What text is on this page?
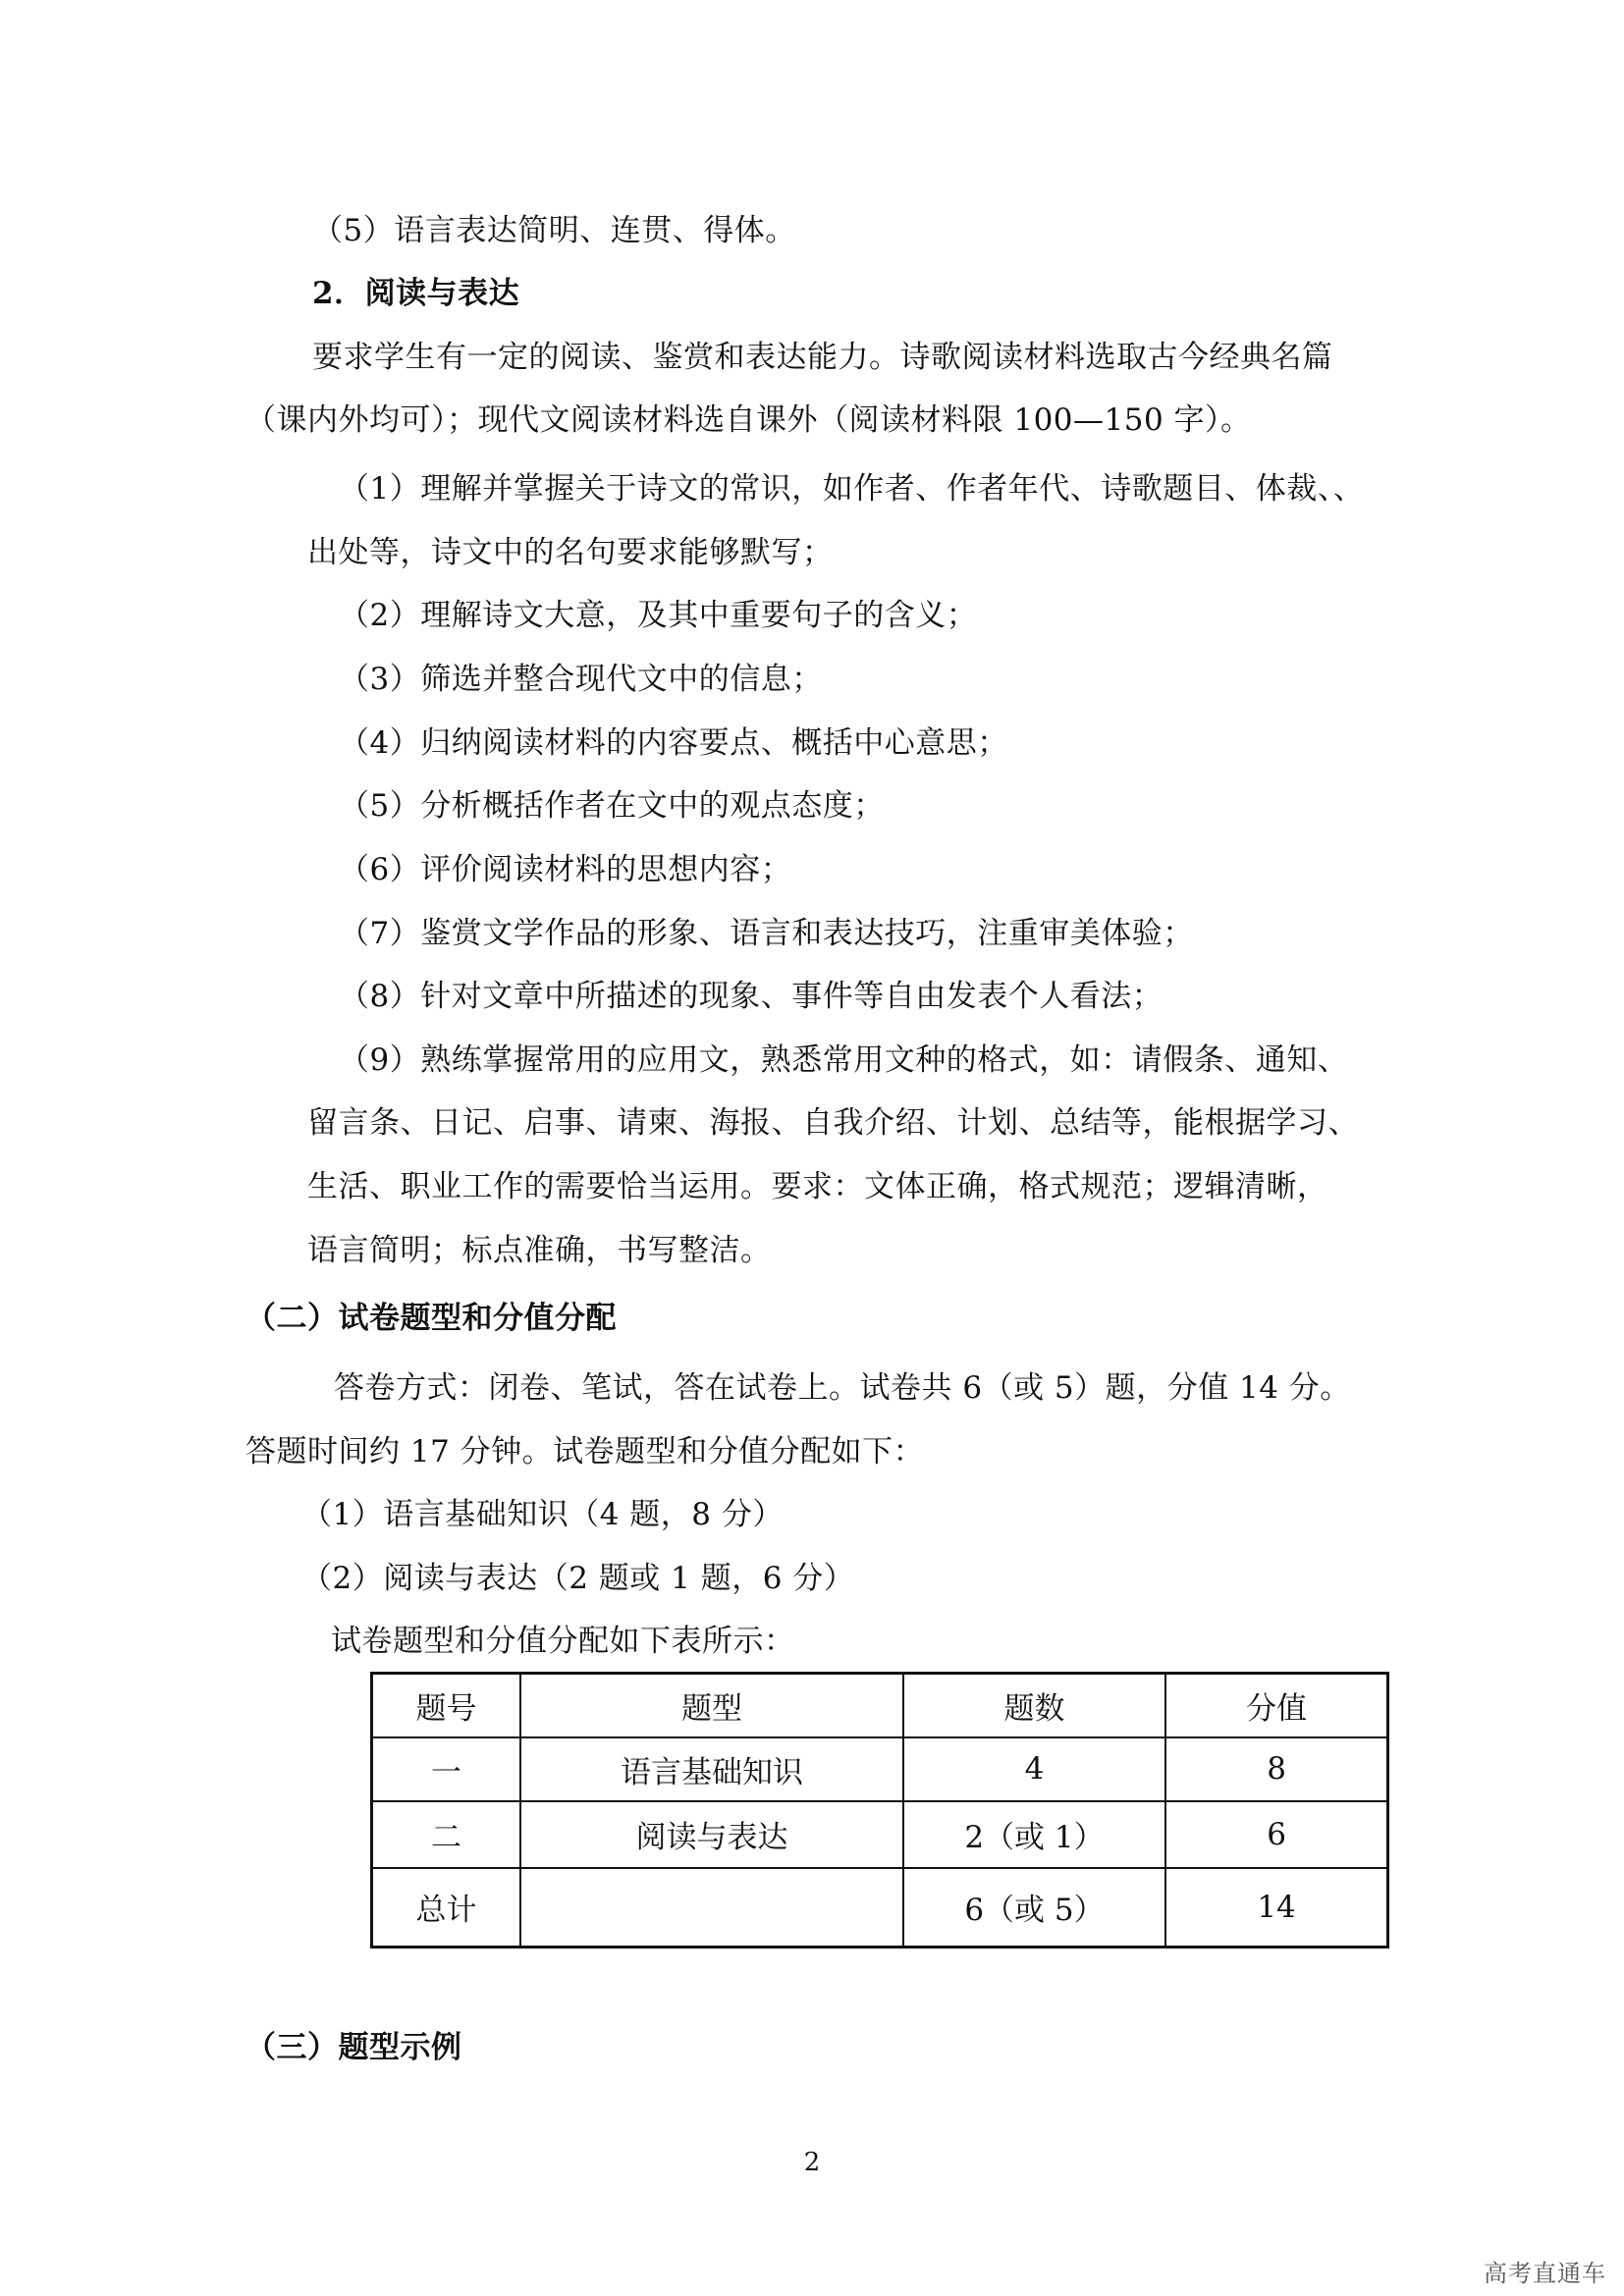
（5）语言表达简明、连贯、得体。
2．阅读与表达
要求学生有一定的阅读、鉴赏和表达能力。诗歌阅读材料选取古今经典名篇
（课内外均可）；现代文阅读材料选自课外（阅读材料限 100—150 字）。
（1）理解并掌握关于诗文的常识，如作者、作者年代、诗歌题目、体裁、、
出处等，诗文中的名句要求能够默写；
（2）理解诗文大意，及其中重要句子的含义；
（3）筛选并整合现代文中的信息；
（4）归纳阅读材料的内容要点、概括中心意思；
（5）分析概括作者在文中的观点态度；
（6）评价阅读材料的思想内容；
（7）鉴赏文学作品的形象、语言和表达技巧，注重审美体验；
（8）针对文章中所描述的现象、事件等自由发表个人看法；
（9）熟练掌握常用的应用文，熟悉常用文种的格式，如：请假条、通知、
留言条、日记、启事、请柬、海报、自我介绍、计划、总结等，能根据学习、
生活、职业工作的需要恰当运用。要求：文体正确，格式规范；逻辑清晰，
语言简明；标点准确，书写整洁。
（二）试卷题型和分值分配
答卷方式：闭卷、笔试，答在试卷上。试卷共 6（或 5）题，分值 14 分。
答题时间约 17 分钟。试卷题型和分值分配如下：
（1）语言基础知识（4 题，8 分）
（2）阅读与表达（2 题或 1 题，6 分）
试卷题型和分值分配如下表所示：
题号	题型	题数	分值
一	语言基础知识	4	8
二	阅读与表达	2（或 1）	6
总计		6（或 5）	14
（三）题型示例
2
高考直通车
